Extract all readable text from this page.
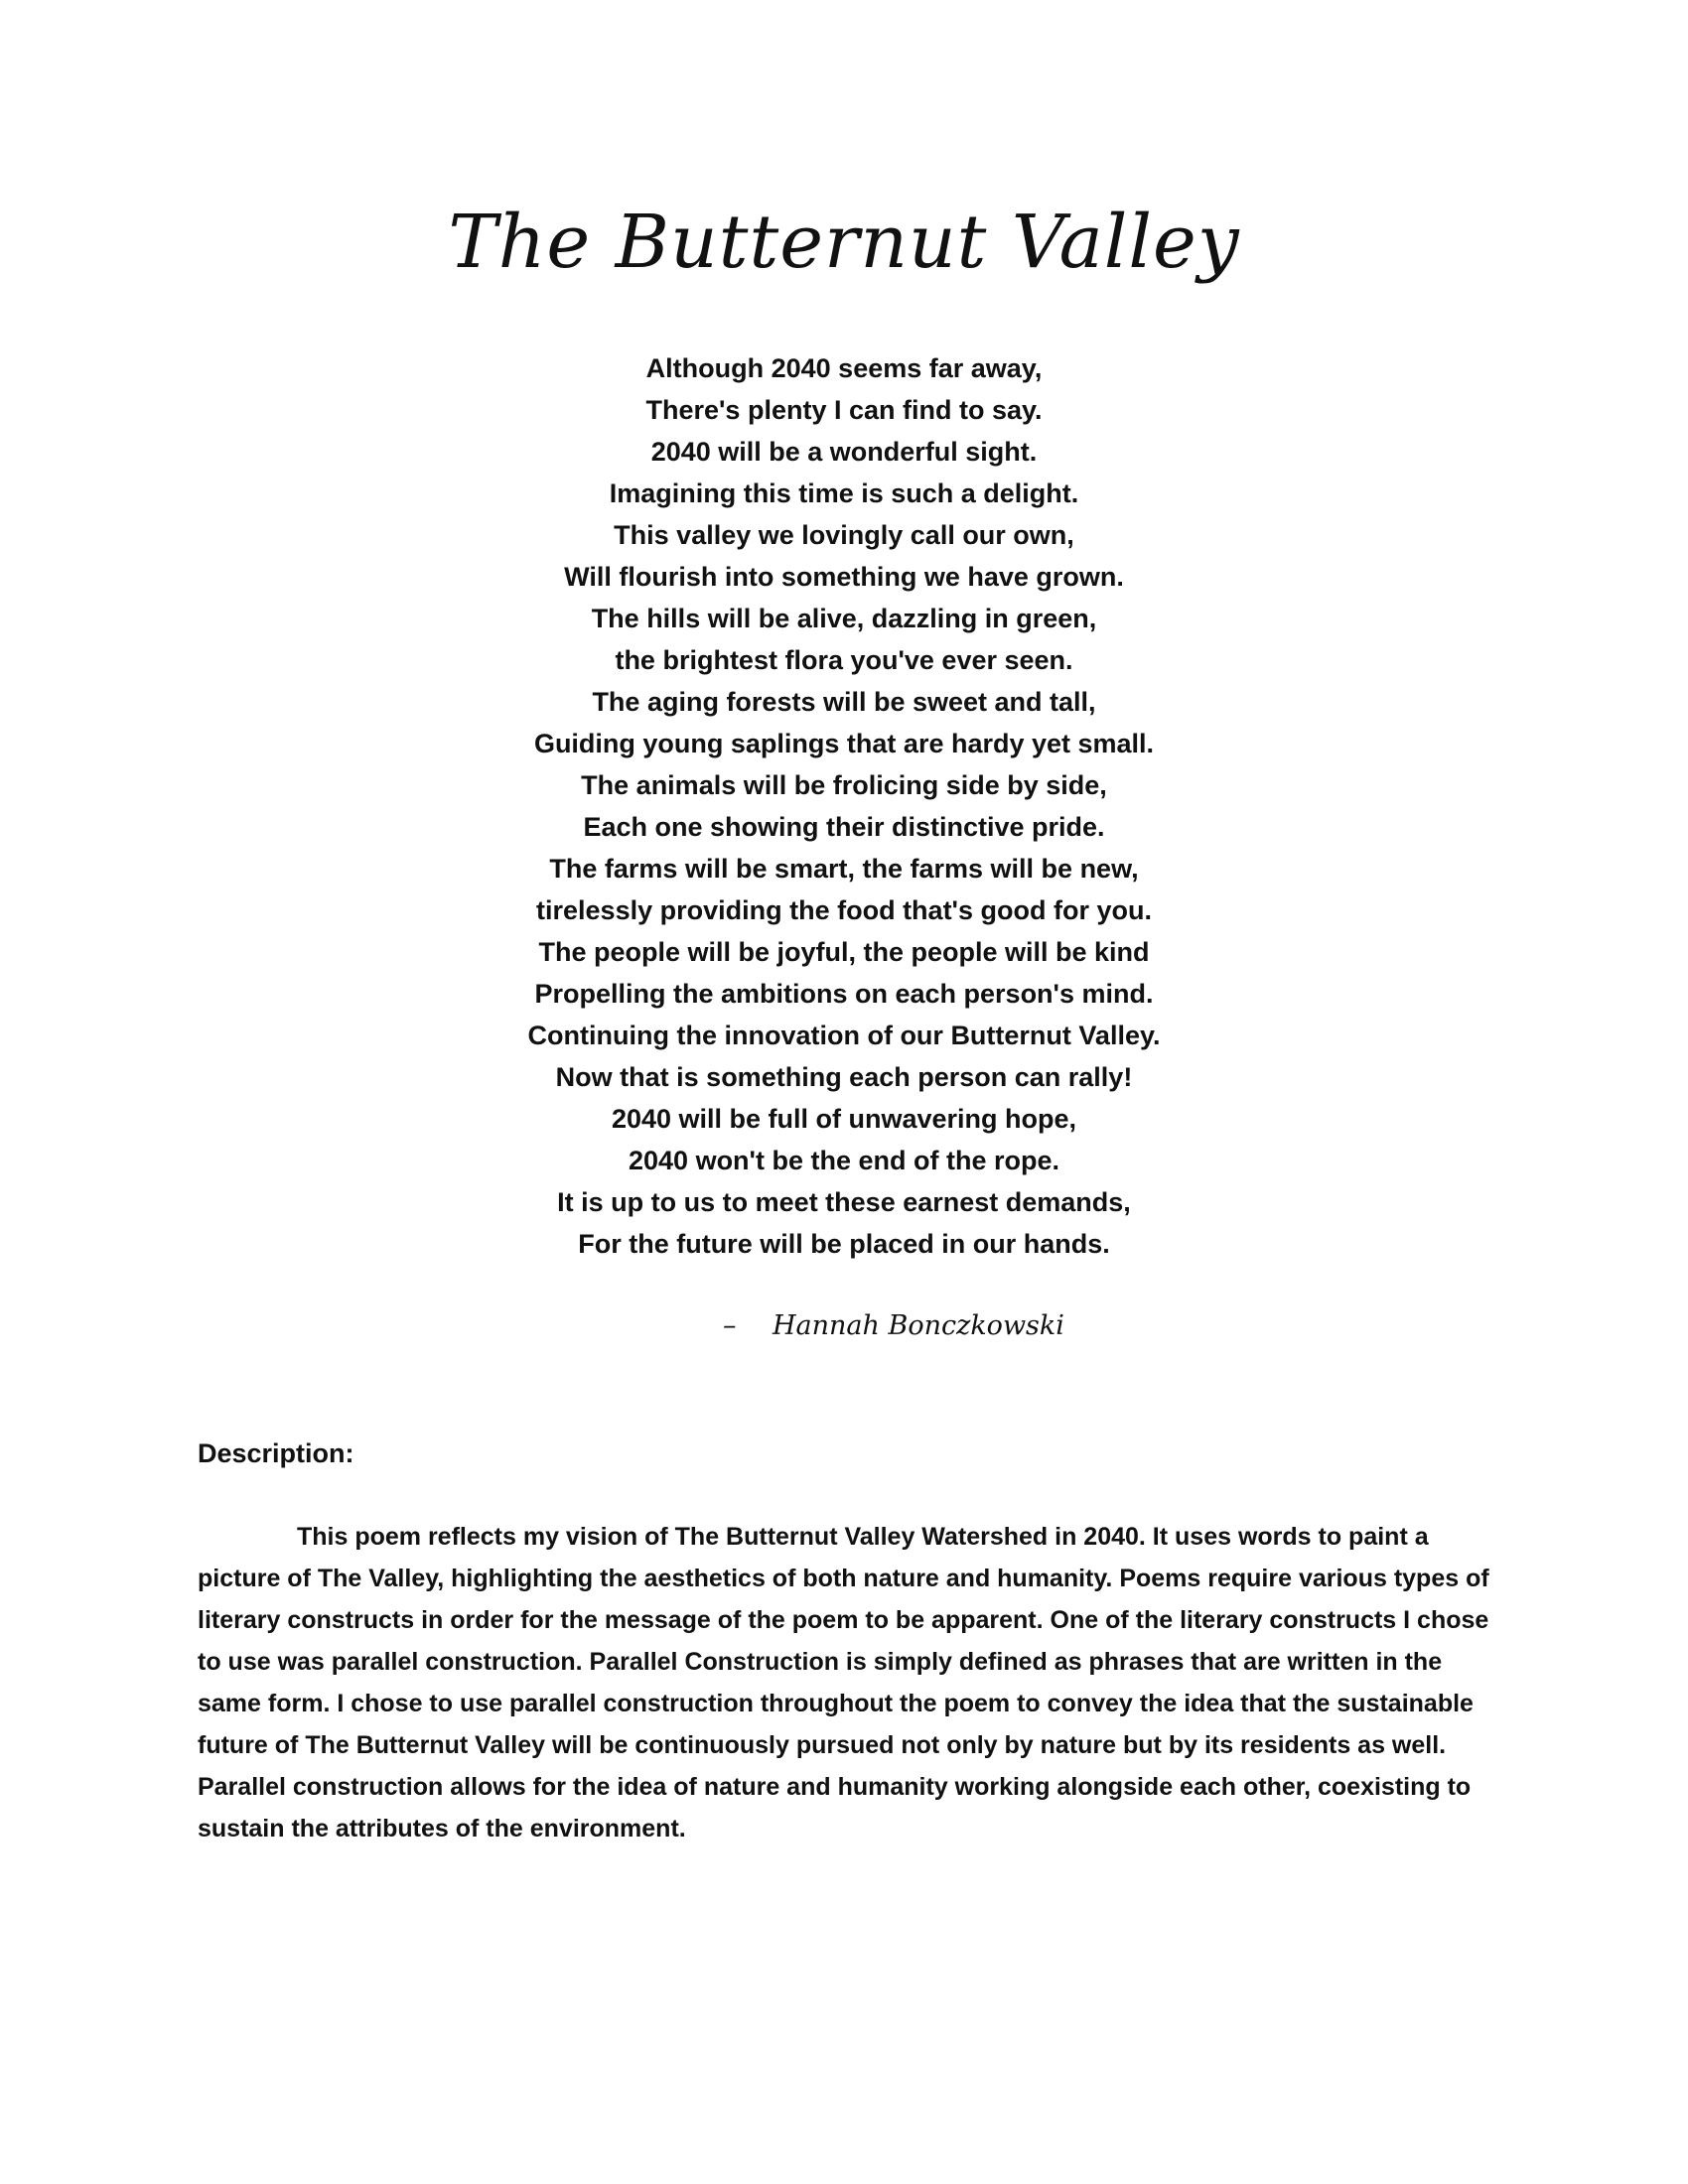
The Butternut Valley
Although 2040 seems far away,
There's plenty I can find to say.
2040 will be a wonderful sight.
Imagining this time is such a delight.
This valley we lovingly call our own,
Will flourish into something we have grown.
The hills will be alive, dazzling in green,
the brightest flora you've ever seen.
The aging forests will be sweet and tall,
Guiding young saplings that are hardy yet small.
The animals will be frolicing side by side,
Each one showing their distinctive pride.
The farms will be smart, the farms will be new,
tirelessly providing the food that's good for you.
The people will be joyful, the people will be kind
Propelling the ambitions on each person's mind.
Continuing the innovation of our Butternut Valley.
Now that is something each person can rally!
2040 will be full of unwavering hope,
2040 won't be the end of the rope.
It is up to us to meet these earnest demands,
For the future will be placed in our hands.
– Hannah Bonczkowski
Description:

This poem reflects my vision of The Butternut Valley Watershed in 2040. It uses words to paint a
picture of The Valley, highlighting the aesthetics of both nature and humanity. Poems require various types of
literary constructs in order for the message of the poem to be apparent. One of the literary constructs I chose
to use was parallel construction. Parallel Construction is simply defined as phrases that are written in the
same form. I chose to use parallel construction throughout the poem to convey the idea that the sustainable
future of The Butternut Valley will be continuously pursued not only by nature but by its residents as well.
Parallel construction allows for the idea of nature and humanity working alongside each other, coexisting to
sustain the attributes of the environment.
